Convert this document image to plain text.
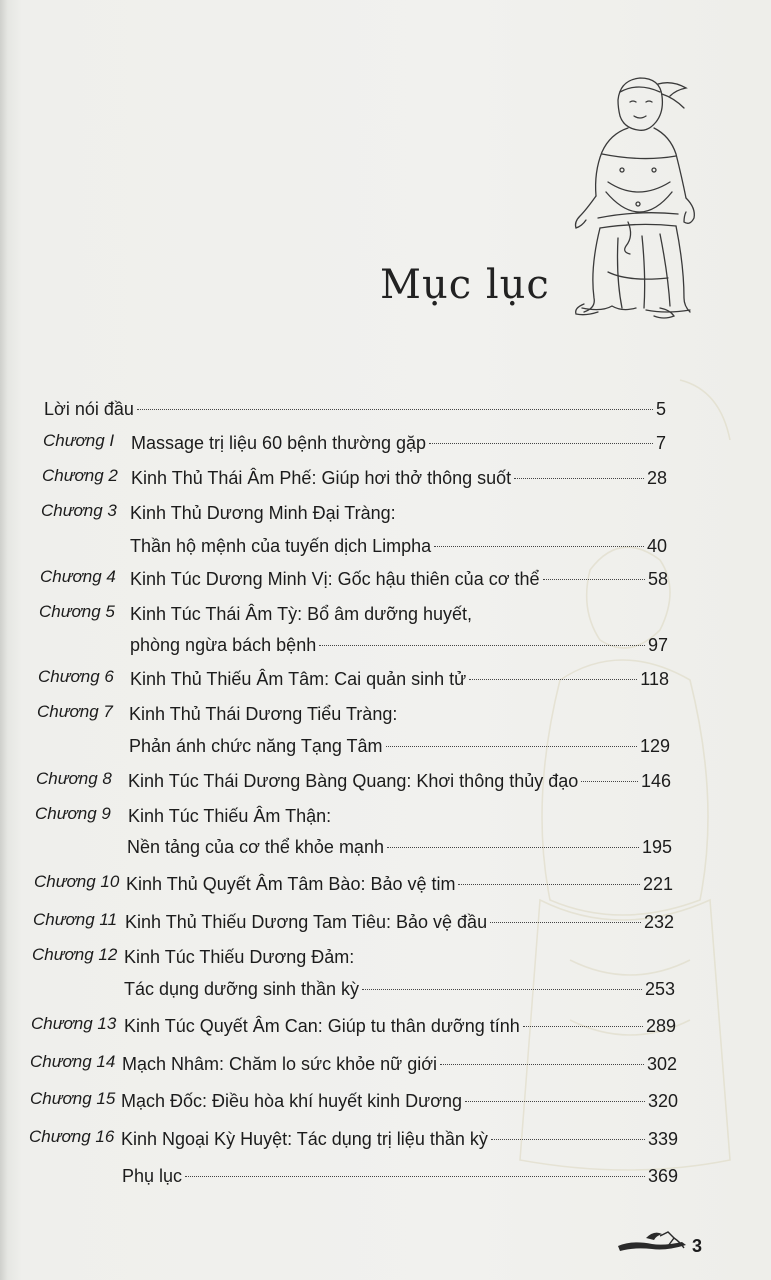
Mục lục
Lời nói đầu	5
Chương I Massage trị liệu 60 bệnh thường gặp	7
Chương 2 Kinh Thủ Thái Âm Phế: Giúp hơi thở thông suốt	28
Chương 3 Kinh Thủ Dương Minh Đại Tràng:
Thần hộ mệnh của tuyến dịch Limpha	40
Chương 4 Kinh Túc Dương Minh Vị: Gốc hậu thiên của cơ thể	58
Chương 5 Kinh Túc Thái Âm Tỳ: Bổ âm dưỡng huyết,
phòng ngừa bách bệnh	97
Chương 6 Kinh Thủ Thiếu Âm Tâm: Cai quản sinh tử	118
Chương 7 Kinh Thủ Thái Dương Tiểu Tràng:
Phản ánh chức năng Tạng Tâm	129
Chương 8 Kinh Túc Thái Dương Bàng Quang: Khơi thông thủy đạo	146
Chương 9 Kinh Túc Thiếu Âm Thận:
Nền tảng của cơ thể khỏe mạnh	195
Chương 10 Kinh Thủ Quyết Âm Tâm Bào: Bảo vệ tim	221
Chương 11 Kinh Thủ Thiếu Dương Tam Tiêu: Bảo vệ đầu	232
Chương 12 Kinh Túc Thiếu Dương Đảm:
Tác dụng dưỡng sinh thần kỳ	253
Chương 13 Kinh Túc Quyết Âm Can: Giúp tu thân dưỡng tính	289
Chương 14 Mạch Nhâm: Chăm lo sức khỏe nữ giới	302
Chương 15 Mạch Đốc: Điều hòa khí huyết kinh Dương	320
Chương 16 Kinh Ngoại Kỳ Huyệt: Tác dụng trị liệu thần kỳ	339
Phụ lục	369
3
